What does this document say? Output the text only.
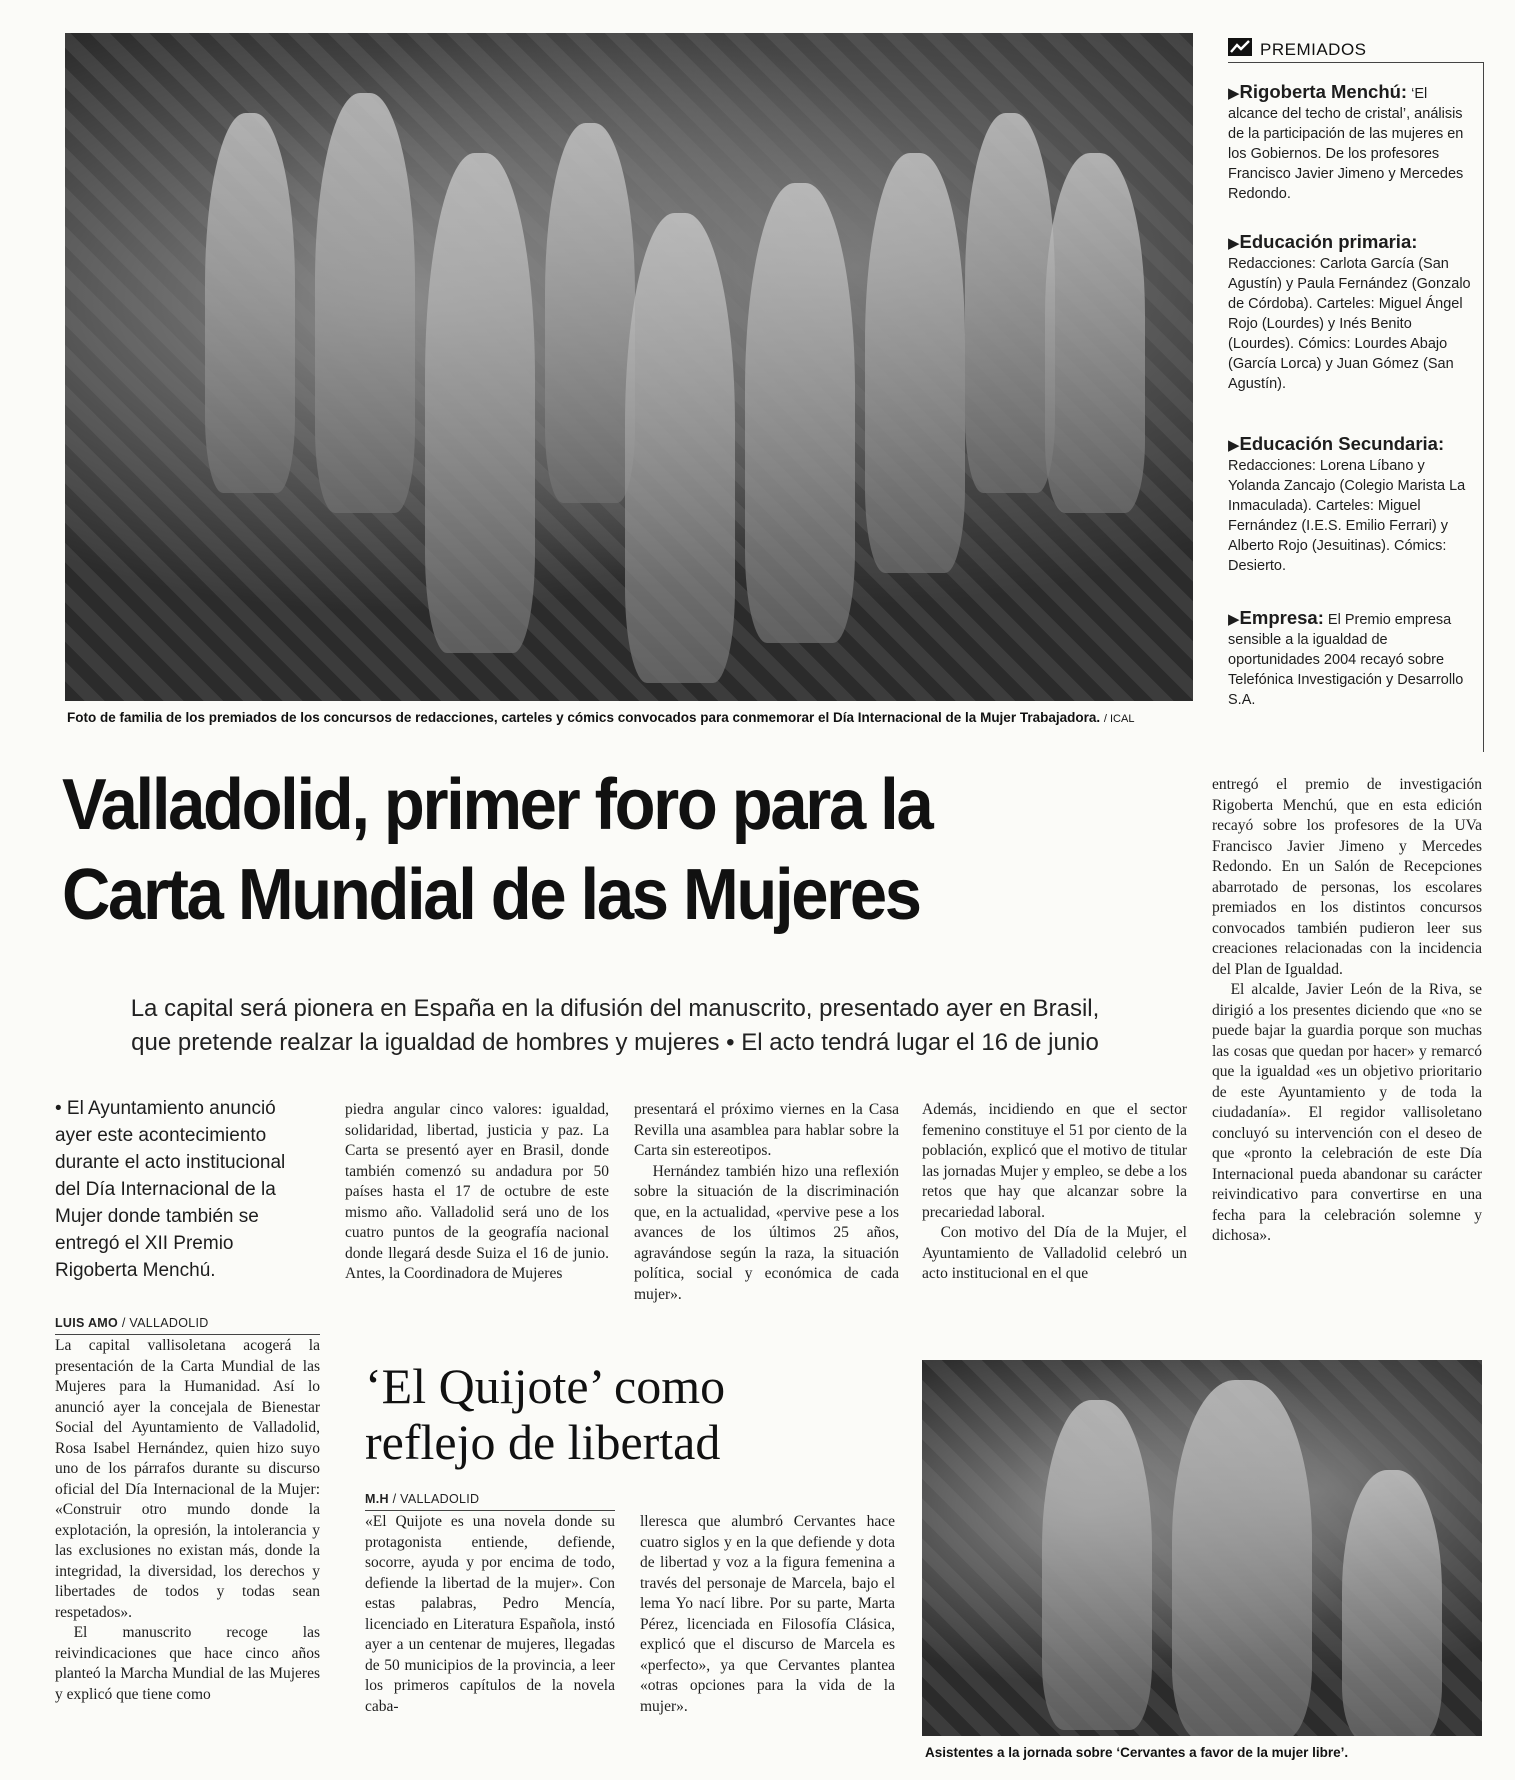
Foto de familia de los premiados de los concursos de redacciones, carteles y cómics convocados para conmemorar el Día Internacional de la Mujer Trabajadora. / ICAL
PREMIADOS
▶Rigoberta Menchú: ‘El alcance del techo de cristal’, análisis de la participación de las mujeres en los Gobiernos. De los profesores Francisco Javier Jimeno y Mercedes Redondo.
▶Educación primaria: Redacciones: Carlota García (San Agustín) y Paula Fernández (Gonzalo de Córdoba). Carteles: Miguel Ángel Rojo (Lourdes) y Inés Benito (Lourdes). Cómics: Lourdes Abajo (García Lorca) y Juan Gómez (San Agustín).
▶Educación Secundaria: Redacciones: Lorena Líbano y Yolanda Zancajo (Colegio Marista La Inmaculada). Carteles: Miguel Fernández (I.E.S. Emilio Ferrari) y Alberto Rojo (Jesuitinas). Cómics: Desierto.
▶Empresa: El Premio empresa sensible a la igualdad de oportunidades 2004 recayó sobre Telefónica Investigación y Desarrollo S.A.
Valladolid, primer foro para la
Carta Mundial de las Mujeres
La capital será pionera en España en la difusión del manuscrito, presentado ayer en Brasil,
que pretende realzar la igualdad de hombres y mujeres • El acto tendrá lugar el 16 de junio
• El Ayuntamiento anunció ayer este acontecimiento durante el acto institucional del Día Internacional de la Mujer donde también se entregó el XII Premio Rigoberta Menchú.
LUIS AMO / VALLADOLID

La capital vallisoletana acogerá la presentación de la Carta Mundial de las Mujeres para la Humanidad. Así lo anunció ayer la concejala de Bienestar Social del Ayuntamiento de Valladolid, Rosa Isabel Hernández, quien hizo suyo uno de los párrafos durante su discurso oficial del Día Internacional de la Mujer: «Construir otro mundo donde la explotación, la opresión, la intolerancia y las exclusiones no existan más, donde la integridad, la diversidad, los derechos y libertades de todos y todas sean respetados».

El manuscrito recoge las reivindicaciones que hace cinco años planteó la Marcha Mundial de las Mujeres y explicó que tiene como

piedra angular cinco valores: igualdad, solidaridad, libertad, justicia y paz. La Carta se presentó ayer en Brasil, donde también comenzó su andadura por 50 países hasta el 17 de octubre de este mismo año. Valladolid será uno de los cuatro puntos de la geografía nacional donde llegará desde Suiza el 16 de junio. Antes, la Coordinadora de Mujeres

presentará el próximo viernes en la Casa Revilla una asamblea para hablar sobre la Carta sin estereotipos.

Hernández también hizo una reflexión sobre la situación de la discriminación que, en la actualidad, «pervive pese a los avances de los últimos 25 años, agravándose según la raza, la situación política, social y económica de cada mujer».

Además, incidiendo en que el sector femenino constituye el 51 por ciento de la población, explicó que el motivo de titular las jornadas Mujer y empleo, se debe a los retos que hay que alcanzar sobre la precariedad laboral.

Con motivo del Día de la Mujer, el Ayuntamiento de Valladolid celebró un acto institucional en el que

entregó el premio de investigación Rigoberta Menchú, que en esta edición recayó sobre los profesores de la UVa Francisco Javier Jimeno y Mercedes Redondo. En un Salón de Recepciones abarrotado de personas, los escolares premiados en los distintos concursos convocados también pudieron leer sus creaciones relacionadas con la incidencia del Plan de Igualdad.

El alcalde, Javier León de la Riva, se dirigió a los presentes diciendo que «no se puede bajar la guardia porque son muchas las cosas que quedan por hacer» y remarcó que la igualdad «es un objetivo prioritario de este Ayuntamiento y de toda la ciudadanía». El regidor vallisoletano concluyó su intervención con el deseo de que «pronto la celebración de este Día Internacional pueda abandonar su carácter reivindicativo para convertirse en una fecha para la celebración solemne y dichosa».

‘El Quijote’ como
reflejo de libertad
M.H / VALLADOLID

«El Quijote es una novela donde su protagonista entiende, defiende, socorre, ayuda y por encima de todo, defiende la libertad de la mujer». Con estas palabras, Pedro Mencía, licenciado en Literatura Española, instó ayer a un centenar de mujeres, llegadas de 50 municipios de la provincia, a leer los primeros capítulos de la novela caba-

lleresca que alumbró Cervantes hace cuatro siglos y en la que defiende y dota de libertad y voz a la figura femenina a través del personaje de Marcela, bajo el lema Yo nací libre. Por su parte, Marta Pérez, licenciada en Filosofía Clásica, explicó que el discurso de Marcela es «perfecto», ya que Cervantes plantea «otras opciones para la vida de la mujer».

Asistentes a la jornada sobre ‘Cervantes a favor de la mujer libre’.
